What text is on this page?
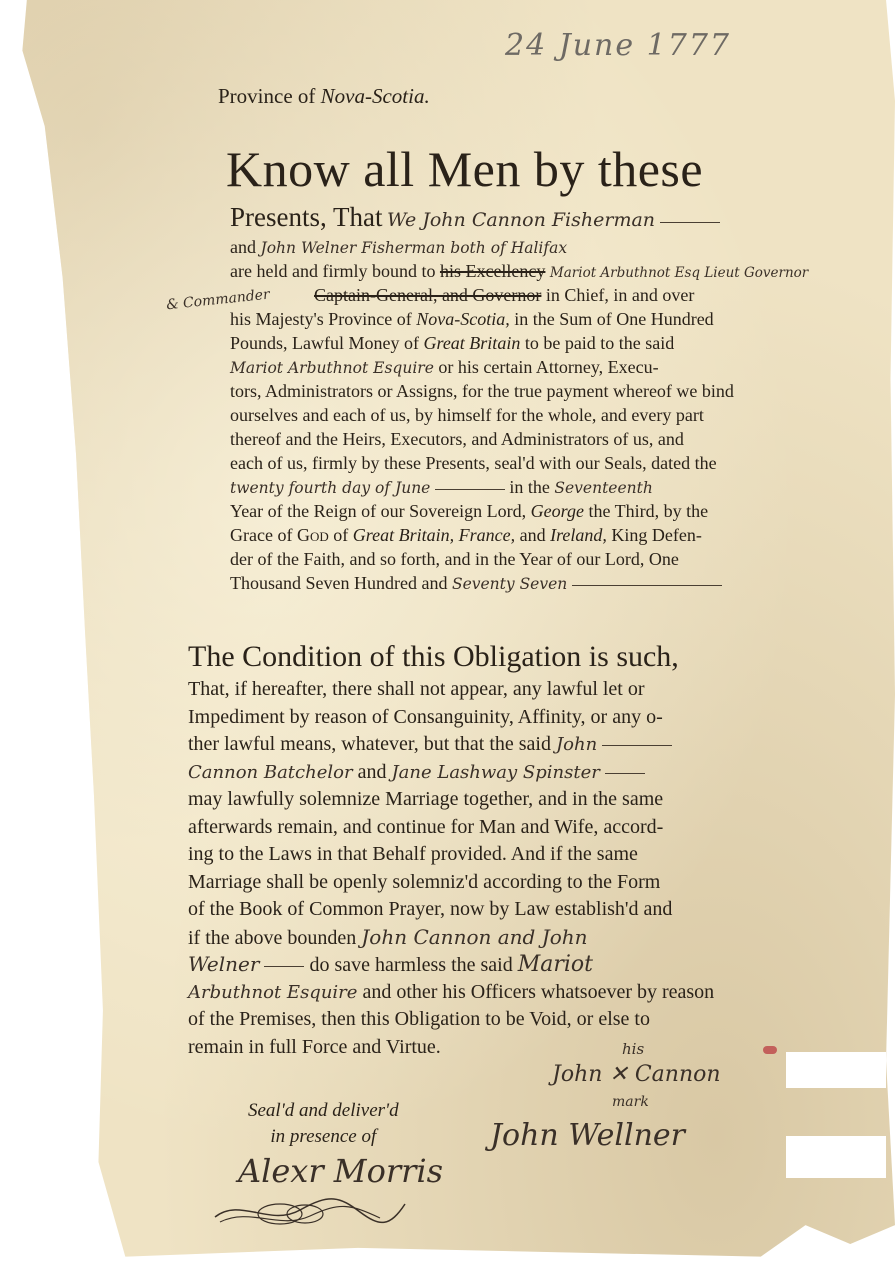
24 June 1777
Province of Nova-Scotia.
Know all Men by these
& Commander
Presents, That We John Cannon Fisherman
and John Welner Fisherman both of Halifax
are held and firmly bound to his Excellency Mariot Arbuthnot Esq Lieut Governor
Captain-General, and Governor in Chief, in and over
his Majesty's Province of Nova-Scotia, in the Sum of One Hundred
Pounds, Lawful Money of Great Britain to be paid to the said
Mariot Arbuthnot Esquire or his certain Attorney, Execu-
tors, Administrators or Assigns, for the true payment whereof we bind
ourselves and each of us, by himself for the whole, and every part
thereof and the Heirs, Executors, and Administrators of us, and
each of us, firmly by these Presents, seal'd with our Seals, dated the
twenty fourth day of June	in the Seventeenth
Year of the Reign of our Sovereign Lord, George the Third, by the
Grace of God of Great Britain, France, and Ireland, King Defen-
der of the Faith, and so forth, and in the Year of our Lord, One
Thousand Seven Hundred and Seventy Seven
The Condition of this Obligation is such,
That, if hereafter, there shall not appear, any lawful let or
Impediment by reason of Consanguinity, Affinity, or any o-
ther lawful means, whatever, but that the said John
Cannon Batchelor and Jane Lashway Spinster
may lawfully solemnize Marriage together, and in the same
afterwards remain, and continue for Man and Wife, accord-
ing to the Laws in that Behalf provided. And if the same
Marriage shall be openly solemniz'd according to the Form
of the Book of Common Prayer, now by Law establish'd and
if the above bounden John Cannon and John
Welner	do save harmless the said Mariot
Arbuthnot Esquire and other his Officers whatsoever by reason
of the Premises, then this Obligation to be Void, or else to
remain in full Force and Virtue.
Seal'd and deliver'd
in presence of
Alexr Morris
his
John ✕ Cannon
mark
John Wellner
